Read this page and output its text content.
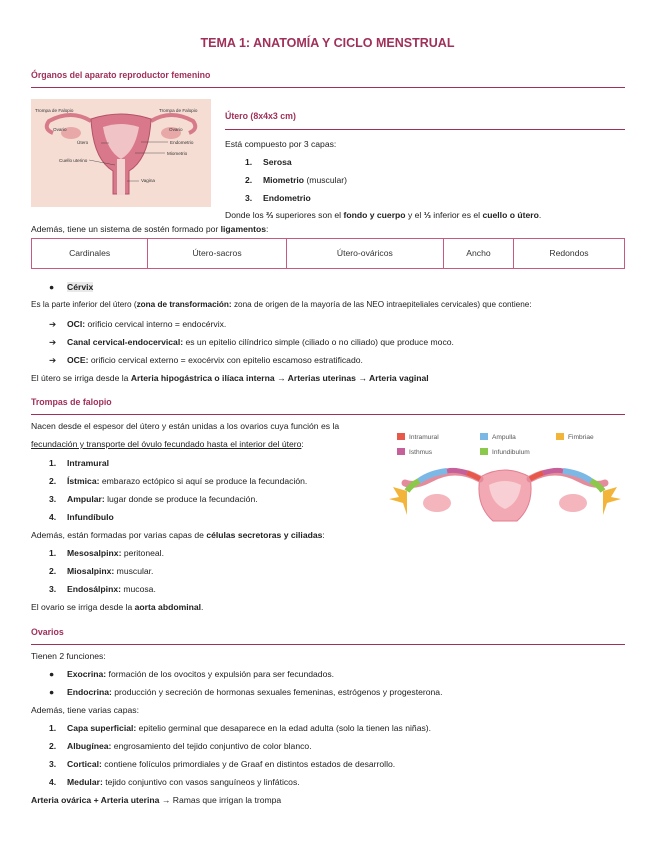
TEMA 1: ANATOMÍA Y CICLO MENSTRUAL
Órganos del aparato reproductor femenino
Trompa de Falopio	Trompa de Falopio
Ovario	Ovario
Útero	Endometrio
Miometrio
Cuello uterino
Vagina
Útero (8x4x3 cm)
Está compuesto por 3 capas:
1. Serosa
2. Miometrio (muscular)
3. Endometrio
Donde los ⅔ superiores son el fondo y cuerpo y el ⅓ inferior es el cuello o útero.
Además, tiene un sistema de sostén formado por ligamentos:
Cardinales	Útero-sacros	Útero-ováricos	Ancho	Redondos
● Cérvix
Es la parte inferior del útero (zona de transformación: zona de origen de la mayoría de las NEO intraepiteliales cervicales) que contiene:
➔ OCI: orificio cervical interno = endocérvix.
➔ Canal cervical-endocervical: es un epitelio cilíndrico simple (ciliado o no ciliado) que produce moco.
➔ OCE: orificio cervical externo = exocérvix con epitelio escamoso estratificado.
El útero se irriga desde la Arteria hipogástrica o ilíaca interna → Arterias uterinas → Arteria vaginal
Trompas de falopio
Nacen desde el espesor del útero y están unidas a los ovarios cuya función es la
fecundación y transporte del óvulo fecundado hasta el interior del útero:
1. Intramural
2. Ístmica: embarazo ectópico si aquí se produce la fecundación.
3. Ampular: lugar donde se produce la fecundación.
4. Infundíbulo
Además, están formadas por varias capas de células secretoras y ciliadas:
1. Mesosalpinx: peritoneal.
2. Miosalpinx: muscular.
3. Endosálpinx: mucosa.
El ovario se irriga desde la aorta abdominal.
Intramural	Ampulla	Fimbriae
Isthmus	Infundibulum
Ovarios
Tienen 2 funciones:
● Exocrina: formación de los ovocitos y expulsión para ser fecundados.
● Endocrina: producción y secreción de hormonas sexuales femeninas, estrógenos y progesterona.
Además, tiene varias capas:
1. Capa superficial: epitelio germinal que desaparece en la edad adulta (solo la tienen las niñas).
2. Albugínea: engrosamiento del tejido conjuntivo de color blanco.
3. Cortical: contiene folículos primordiales y de Graaf en distintos estados de desarrollo.
4. Medular: tejido conjuntivo con vasos sanguíneos y linfáticos.
Arteria ovárica + Arteria uterina → Ramas que irrigan la trompa
